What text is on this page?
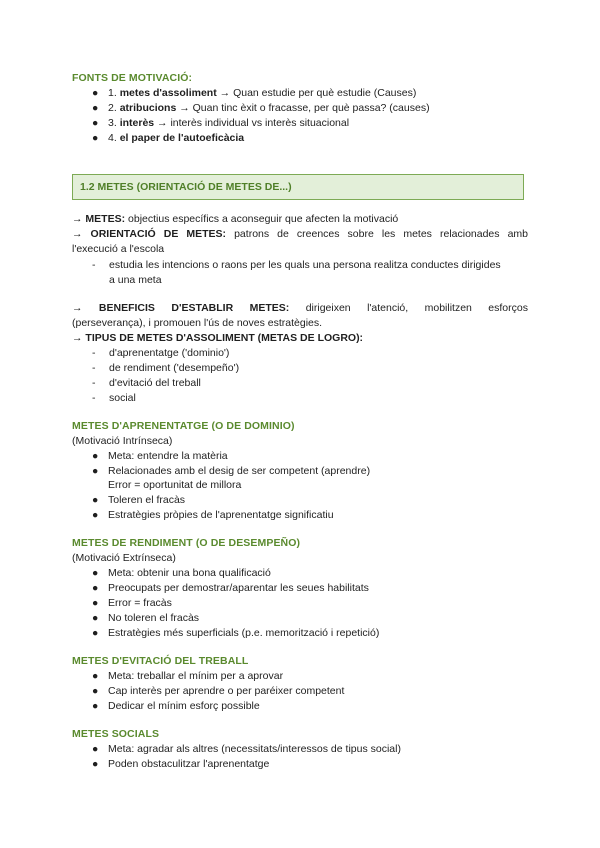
FONTS DE MOTIVACIÓ:
● 1. metes d'assoliment → Quan estudie per què estudie (Causes)
● 2. atribucions → Quan tinc èxit o fracasse, per què passa? (causes)
● 3. interès → interès individual vs interès situacional
● 4. el paper de l'autoeficàcia
1.2 METES (ORIENTACIÓ DE METES DE...)
→ METES: objectius específics a aconseguir que afecten la motivació
→ ORIENTACIÓ DE METES: patrons de creences sobre les metes relacionades amb
l'execució a l'escola
- estudia les intencions o raons per les quals una persona realitza conductes dirigides
a una meta
→ BENEFICIS D'ESTABLIR METES: dirigeixen l'atenció, mobilitzen esforços
(perseverança), i promouen l'ús de noves estratègies.
→ TIPUS DE METES D'ASSOLIMENT (METAS DE LOGRO):
- d'aprenentatge ('dominio')
- de rendiment ('desempeño')
- d'evitació del treball
- social
METES D'APRENENTATGE (O DE DOMINIO)
(Motivació Intrínseca)
● Meta: entendre la matèria
● Relacionades amb el desig de ser competent (aprendre)
Error = oportunitat de millora
● Toleren el fracàs
● Estratègies pròpies de l'aprenentatge significatiu
METES DE RENDIMENT (O DE DESEMPEÑO)
(Motivació Extrínseca)
● Meta: obtenir una bona qualificació
● Preocupats per demostrar/aparentar les seues habilitats
● Error = fracàs
● No toleren el fracàs
● Estratègies més superficials (p.e. memorització i repetició)
METES D'EVITACIÓ DEL TREBALL
● Meta: treballar el mínim per a aprovar
● Cap interès per aprendre o per paréixer competent
● Dedicar el mínim esforç possible
METES SOCIALS
● Meta: agradar als altres (necessitats/interessos de tipus social)
● Poden obstaculitzar l'aprenentatge
